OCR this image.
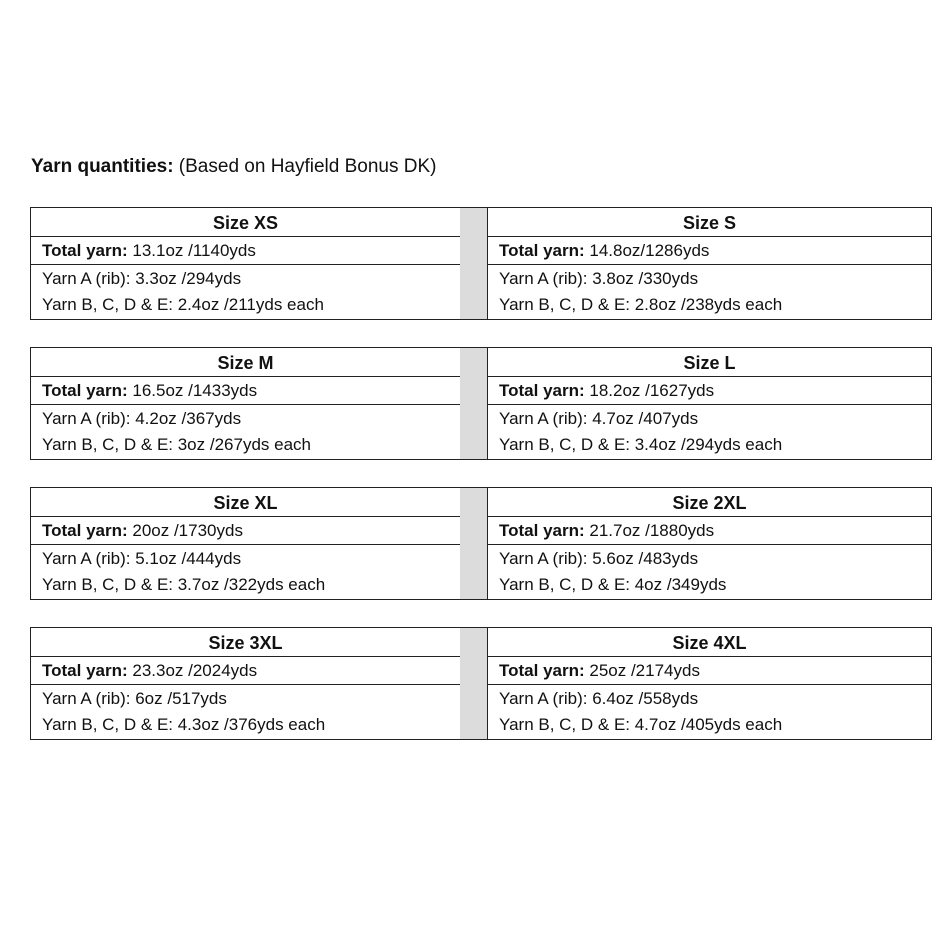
Yarn quantities: (Based on Hayfield Bonus DK)
Size XS
Total yarn: 13.1oz /1140yds
Yarn A (rib): 3.3oz /294yds
Yarn B, C, D & E: 2.4oz /211yds each
Size S
Total yarn: 14.8oz/1286yds
Yarn A (rib): 3.8oz /330yds
Yarn B, C, D & E: 2.8oz /238yds each
Size M
Total yarn: 16.5oz /1433yds
Yarn A (rib): 4.2oz /367yds
Yarn B, C, D & E: 3oz /267yds each
Size L
Total yarn: 18.2oz /1627yds
Yarn A (rib): 4.7oz /407yds
Yarn B, C, D & E: 3.4oz /294yds each
Size XL
Total yarn: 20oz /1730yds
Yarn A (rib): 5.1oz /444yds
Yarn B, C, D & E: 3.7oz /322yds each
Size 2XL
Total yarn: 21.7oz /1880yds
Yarn A (rib): 5.6oz /483yds
Yarn B, C, D & E: 4oz /349yds
Size 3XL
Total yarn: 23.3oz /2024yds
Yarn A (rib): 6oz /517yds
Yarn B, C, D & E: 4.3oz /376yds each
Size 4XL
Total yarn: 25oz /2174yds
Yarn A (rib): 6.4oz /558yds
Yarn B, C, D & E: 4.7oz /405yds each
